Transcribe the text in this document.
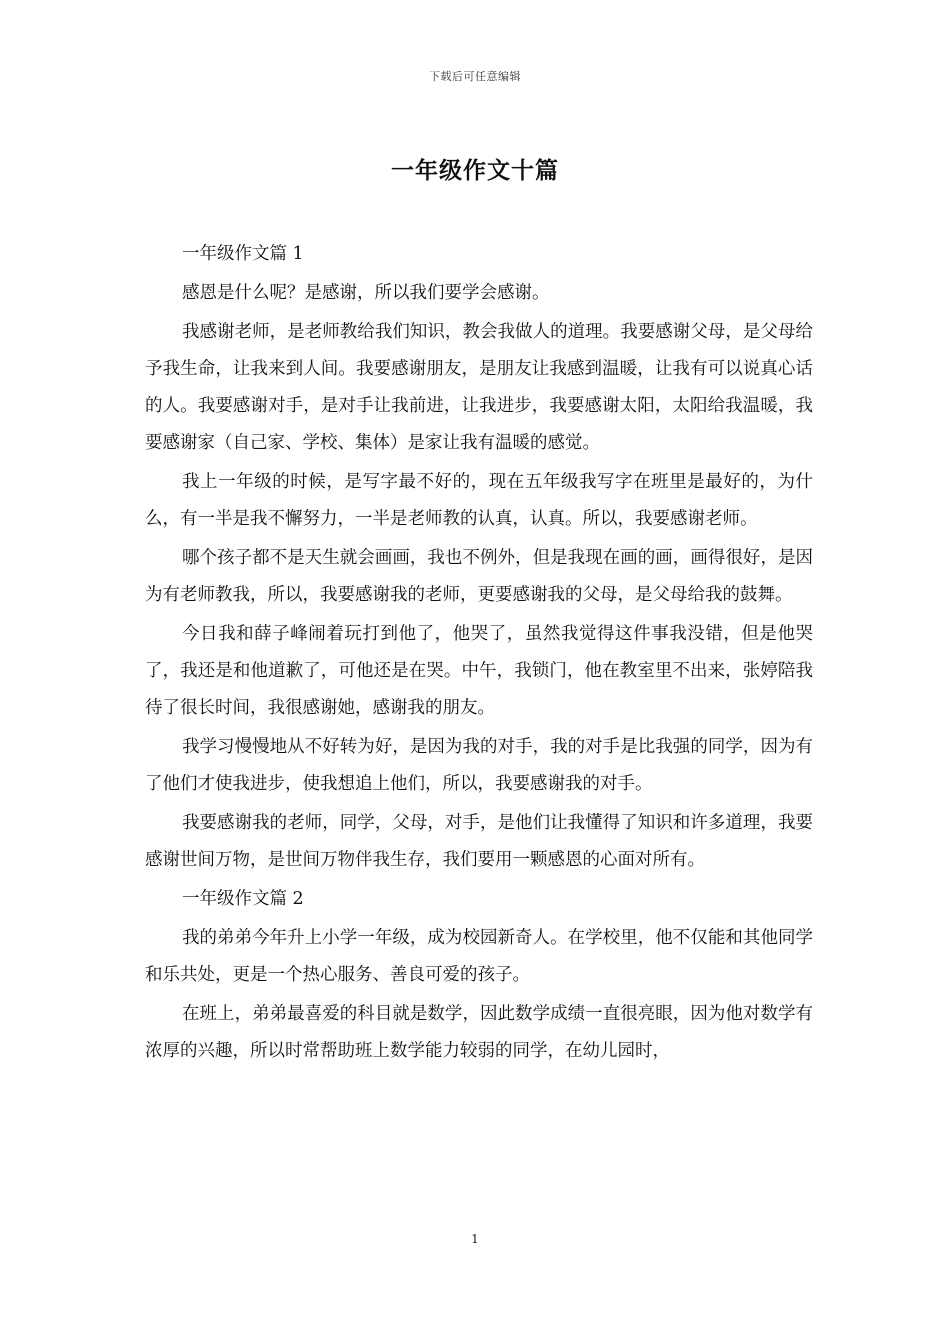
下载后可任意编辑
一年级作文十篇

一年级作文篇 1

感恩是什么呢？是感谢，所以我们要学会感谢。

我感谢老师，是老师教给我们知识，教会我做人的道理。我要感谢父母，是父母给予我生命，让我来到人间。我要感谢朋友，是朋友让我感到温暖，让我有可以说真心话的人。我要感谢对手，是对手让我前进，让我进步，我要感谢太阳，太阳给我温暖，我要感谢家（自己家、学校、集体）是家让我有温暖的感觉。

我上一年级的时候，是写字最不好的，现在五年级我写字在班里是最好的，为什么，有一半是我不懈努力，一半是老师教的认真，认真。所以，我要感谢老师。

哪个孩子都不是天生就会画画，我也不例外，但是我现在画的画，画得很好，是因为有老师教我，所以，我要感谢我的老师，更要感谢我的父母，是父母给我的鼓舞。

今日我和薛子峰闹着玩打到他了，他哭了，虽然我觉得这件事我没错，但是他哭了，我还是和他道歉了，可他还是在哭。中午，我锁门，他在教室里不出来，张婷陪我待了很长时间，我很感谢她，感谢我的朋友。

我学习慢慢地从不好转为好，是因为我的对手，我的对手是比我强的同学，因为有了他们才使我进步，使我想追上他们，所以，我要感谢我的对手。

我要感谢我的老师，同学，父母，对手，是他们让我懂得了知识和许多道理，我要感谢世间万物，是世间万物伴我生存，我们要用一颗感恩的心面对所有。

一年级作文篇 2

我的弟弟今年升上小学一年级，成为校园新奇人。在学校里，他不仅能和其他同学和乐共处，更是一个热心服务、善良可爱的孩子。

在班上，弟弟最喜爱的科目就是数学，因此数学成绩一直很亮眼，因为他对数学有浓厚的兴趣，所以时常帮助班上数学能力较弱的同学，在幼儿园时，

1
